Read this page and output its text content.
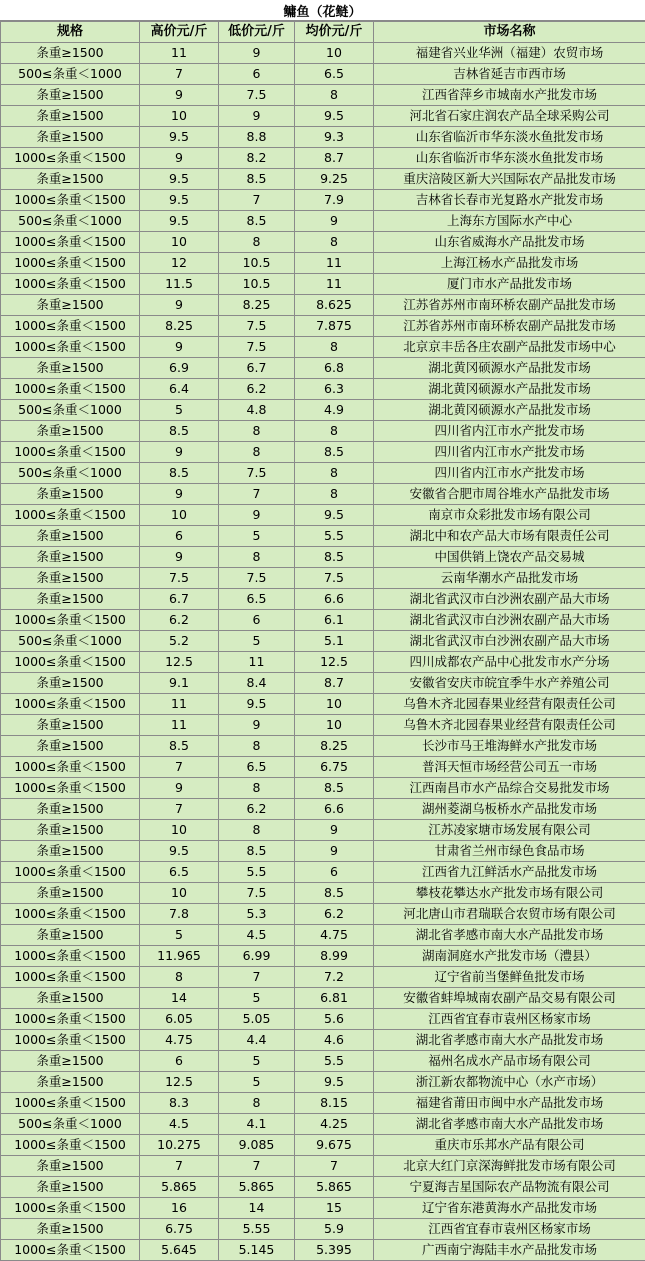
鳙鱼（花鲢）
规格	高价元/斤	低价元/斤	均价元/斤	市场名称
条重≥1500	11	9	10	福建省兴业华洲（福建）农贸市场
500≤条重＜1000	7	6	6.5	吉林省延吉市西市场
条重≥1500	9	7.5	8	江西省萍乡市城南水产批发市场
条重≥1500	10	9	9.5	河北省石家庄润农产品全球采购公司
条重≥1500	9.5	8.8	9.3	山东省临沂市华东淡水鱼批发市场
1000≤条重＜1500	9	8.2	8.7	山东省临沂市华东淡水鱼批发市场
条重≥1500	9.5	8.5	9.25	重庆涪陵区新大兴国际农产品批发市场
1000≤条重＜1500	9.5	7	7.9	吉林省长春市光复路水产批发市场
500≤条重＜1000	9.5	8.5	9	上海东方国际水产中心
1000≤条重＜1500	10	8	8	山东省威海水产品批发市场
1000≤条重＜1500	12	10.5	11	上海江杨水产品批发市场
1000≤条重＜1500	11.5	10.5	11	厦门市水产品批发市场
条重≥1500	9	8.25	8.625	江苏省苏州市南环桥农副产品批发市场
1000≤条重＜1500	8.25	7.5	7.875	江苏省苏州市南环桥农副产品批发市场
1000≤条重＜1500	9	7.5	8	北京京丰岳各庄农副产品批发市场中心
条重≥1500	6.9	6.7	6.8	湖北黄冈硕源水产品批发市场
1000≤条重＜1500	6.4	6.2	6.3	湖北黄冈硕源水产品批发市场
500≤条重＜1000	5	4.8	4.9	湖北黄冈硕源水产品批发市场
条重≥1500	8.5	8	8	四川省内江市水产批发市场
1000≤条重＜1500	9	8	8.5	四川省内江市水产批发市场
500≤条重＜1000	8.5	7.5	8	四川省内江市水产批发市场
条重≥1500	9	7	8	安徽省合肥市周谷堆水产品批发市场
1000≤条重＜1500	10	9	9.5	南京市众彩批发市场有限公司
条重≥1500	6	5	5.5	湖北中和农产品大市场有限责任公司
条重≥1500	9	8	8.5	中国供销上饶农产品交易城
条重≥1500	7.5	7.5	7.5	云南华潮水产品批发市场
条重≥1500	6.7	6.5	6.6	湖北省武汉市白沙洲农副产品大市场
1000≤条重＜1500	6.2	6	6.1	湖北省武汉市白沙洲农副产品大市场
500≤条重＜1000	5.2	5	5.1	湖北省武汉市白沙洲农副产品大市场
1000≤条重＜1500	12.5	11	12.5	四川成都农产品中心批发市水产分场
条重≥1500	9.1	8.4	8.7	安徽省安庆市皖宜季牛水产养殖公司
1000≤条重＜1500	11	9.5	10	乌鲁木齐北园春果业经营有限责任公司
条重≥1500	11	9	10	乌鲁木齐北园春果业经营有限责任公司
条重≥1500	8.5	8	8.25	长沙市马王堆海鲜水产批发市场
1000≤条重＜1500	7	6.5	6.75	普洱天恒市场经营公司五一市场
1000≤条重＜1500	9	8	8.5	江西南昌市水产品综合交易批发市场
条重≥1500	7	6.2	6.6	湖州菱湖乌板桥水产品批发市场
条重≥1500	10	8	9	江苏凌家塘市场发展有限公司
条重≥1500	9.5	8.5	9	甘肃省兰州市绿色食品市场
1000≤条重＜1500	6.5	5.5	6	江西省九江鲜活水产品批发市场
条重≥1500	10	7.5	8.5	攀枝花攀达水产批发市场有限公司
1000≤条重＜1500	7.8	5.3	6.2	河北唐山市君瑞联合农贸市场有限公司
条重≥1500	5	4.5	4.75	湖北省孝感市南大水产品批发市场
1000≤条重＜1500	11.965	6.99	8.99	湖南洞庭水产批发市场（澧县）
1000≤条重＜1500	8	7	7.2	辽宁省前当堡鲜鱼批发市场
条重≥1500	14	5	6.81	安徽省蚌埠城南农副产品交易有限公司
1000≤条重＜1500	6.05	5.05	5.6	江西省宜春市袁州区杨家市场
1000≤条重＜1500	4.75	4.4	4.6	湖北省孝感市南大水产品批发市场
条重≥1500	6	5	5.5	福州名成水产品市场有限公司
条重≥1500	12.5	5	9.5	浙江新农都物流中心（水产市场）
1000≤条重＜1500	8.3	8	8.15	福建省莆田市闽中水产品批发市场
500≤条重＜1000	4.5	4.1	4.25	湖北省孝感市南大水产品批发市场
1000≤条重＜1500	10.275	9.085	9.675	重庆市乐邦水产品有限公司
条重≥1500	7	7	7	北京大红门京深海鲜批发市场有限公司
条重≥1500	5.865	5.865	5.865	宁夏海吉星国际农产品物流有限公司
1000≤条重＜1500	16	14	15	辽宁省东港黄海水产品批发市场
条重≥1500	6.75	5.55	5.9	江西省宜春市袁州区杨家市场
1000≤条重＜1500	5.645	5.145	5.395	广西南宁海陆丰水产品批发市场
